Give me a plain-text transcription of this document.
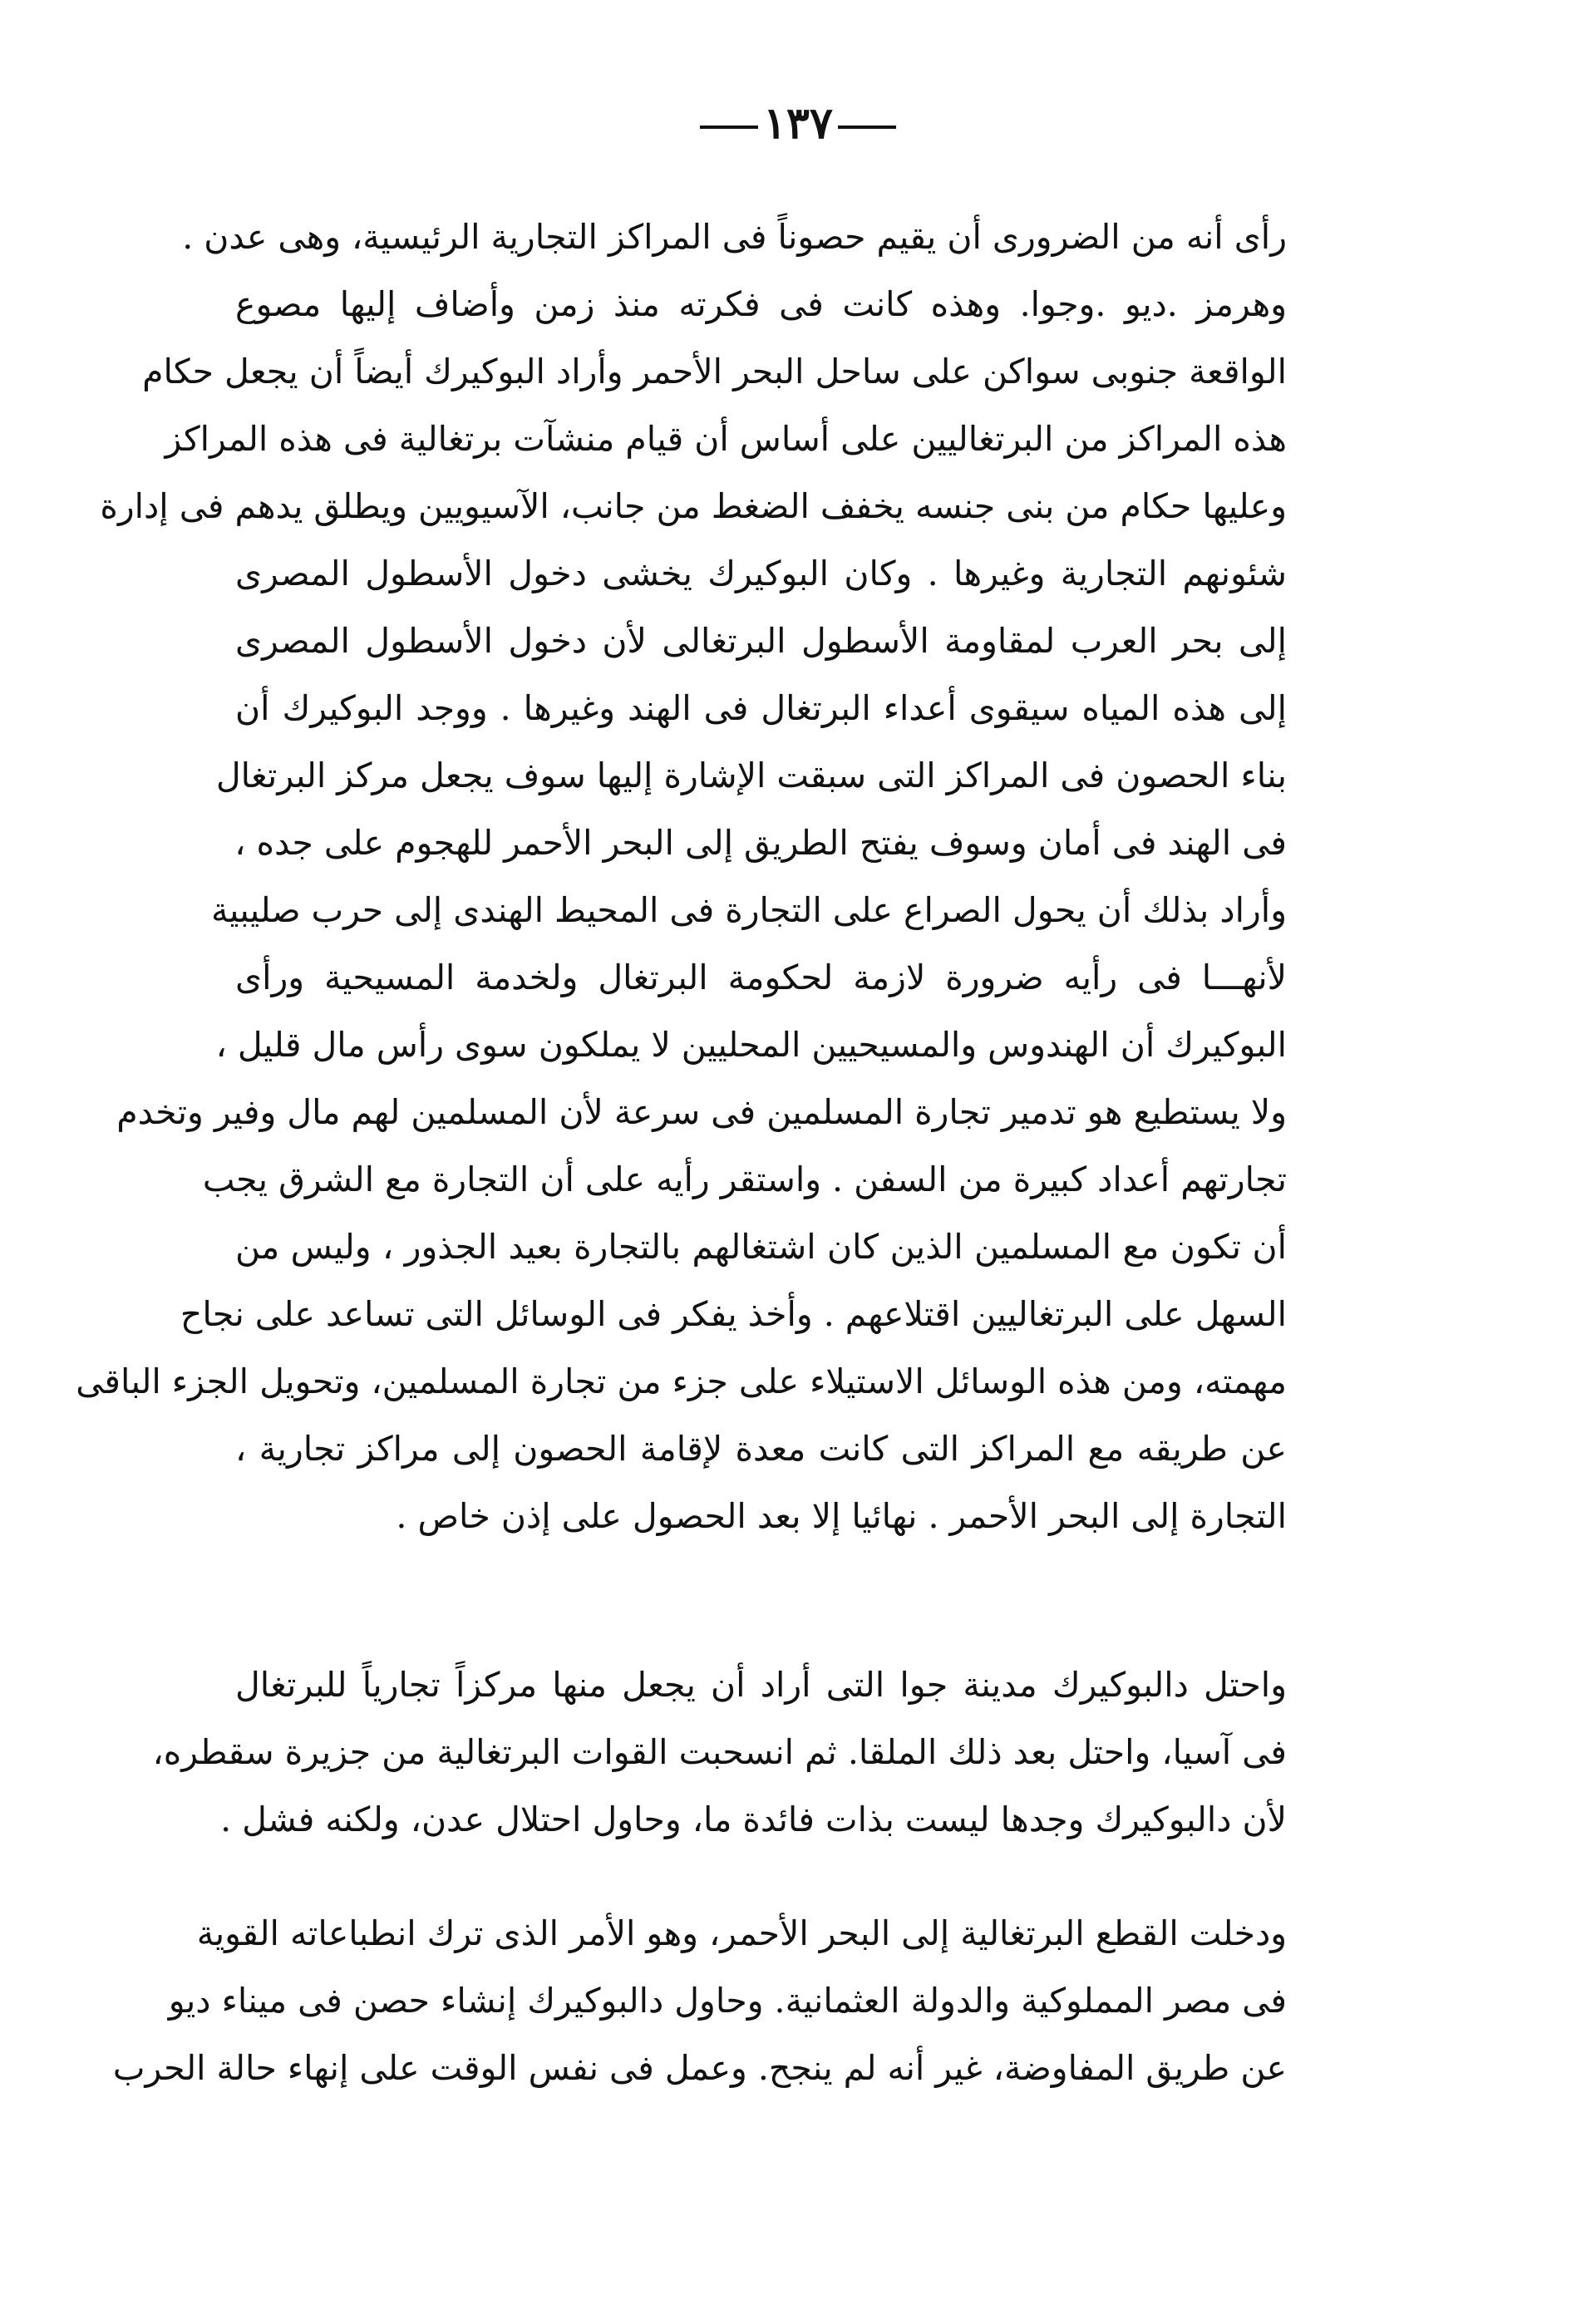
١٣٧
رأى أنه من الضرورى أن يقيم حصوناً فى المراكز التجارية الرئيسية، وهى عدن .
وهرمز .ديو .وجوا. وهذه كانت فى فكرته منذ زمن وأضاف إليها مصوع
الواقعة جنوبى سواكن على ساحل البحر الأحمر وأراد البوكيرك أيضاً أن يجعل حكام
هذه المراكز من البرتغاليين على أساس أن قيام منشآت برتغالية فى هذه المراكز
وعليها حكام من بنى جنسه يخفف الضغط من جانب، الآسيويين ويطلق يدهم فى إدارة
شئونهم التجارية وغيرها . وكان البوكيرك يخشى دخول الأسطول المصرى
إلى بحر العرب لمقاومة الأسطول البرتغالى لأن دخول الأسطول المصرى
إلى هذه المياه سيقوى أعداء البرتغال فى الهند وغيرها . ووجد البوكيرك أن
بناء الحصون فى المراكز التى سبقت الإشارة إليها سوف يجعل مركز البرتغال
فى الهند فى أمان وسوف يفتح الطريق إلى البحر الأحمر للهجوم على جده ،
وأراد بذلك أن يحول الصراع على التجارة فى المحيط الهندى إلى حرب صليبية
لأنهـــا فى رأيه ضرورة لازمة لحكومة البرتغال ولخدمة المسيحية ورأى
البوكيرك أن الهندوس والمسيحيين المحليين لا يملكون سوى رأس مال قليل ،
ولا يستطيع هو تدمير تجارة المسلمين فى سرعة لأن المسلمين لهم مال وفير وتخدم
تجارتهم أعداد كبيرة من السفن . واستقر رأيه على أن التجارة مع الشرق يجب
أن تكون مع المسلمين الذين كان اشتغالهم بالتجارة بعيد الجذور ، وليس من
السهل على البرتغاليين اقتلاعهم . وأخذ يفكر فى الوسائل التى تساعد على نجاح
مهمته، ومن هذه الوسائل الاستيلاء على جزء من تجارة المسلمين، وتحويل الجزء الباقى
عن طريقه مع المراكز التى كانت معدة لإقامة الحصون إلى مراكز تجارية ،
التجارة إلى البحر الأحمر . نهائيا إلا بعد الحصول على إذن خاص .
واحتل دالبوكيرك مدينة جوا التى أراد أن يجعل منها مركزاً تجارياً للبرتغال
فى آسيا، واحتل بعد ذلك الملقا. ثم انسحبت القوات البرتغالية من جزيرة سقطره،
لأن دالبوكيرك وجدها ليست بذات فائدة ما، وحاول احتلال عدن، ولكنه فشل .
ودخلت القطع البرتغالية إلى البحر الأحمر، وهو الأمر الذى ترك انطباعاته القوية
فى مصر المملوكية والدولة العثمانية. وحاول دالبوكيرك إنشاء حصن فى ميناء ديو
عن طريق المفاوضة، غير أنه لم ينجح. وعمل فى نفس الوقت على إنهاء حالة الحرب
